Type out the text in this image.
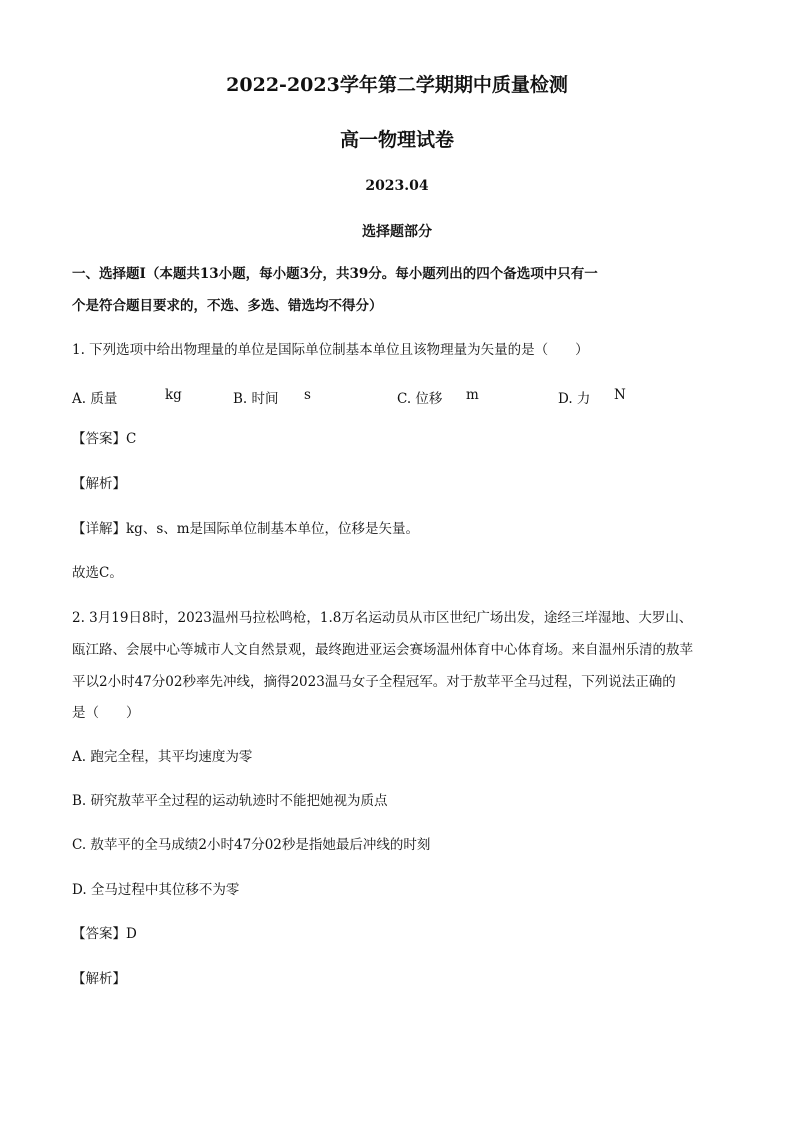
2022-2023学年第二学期期中质量检测
高一物理试卷
2023.04
选择题部分
一、选择题Ⅰ（本题共13小题，每小题3分，共39分。每小题列出的四个备选项中只有一
个是符合题目要求的，不选、多选、错选均不得分）
1. 下列选项中给出物理量的单位是国际单位制基本单位且该物理量为矢量的是（　　）
A. 质量	kg	B. 时间 s	C. 位移 m	D. 力 N
【答案】C
【解析】
【详解】kg、s、m是国际单位制基本单位，位移是矢量。
故选C。
2. 3月19日8时，2023温州马拉松鸣枪，1.8万名运动员从市区世纪广场出发，途经三垟湿地、大罗山、
瓯江路、会展中心等城市人文自然景观，最终跑进亚运会赛场温州体育中心体育场。来自温州乐清的敖苹
平以2小时47分02秒率先冲线，摘得2023温马女子全程冠军。对于敖苹平全马过程，下列说法正确的
是（　　）
A. 跑完全程，其平均速度为零
B. 研究敖苹平全过程的运动轨迹时不能把她视为质点
C. 敖苹平的全马成绩2小时47分02秒是指她最后冲线的时刻
D. 全马过程中其位移不为零
【答案】D
【解析】
